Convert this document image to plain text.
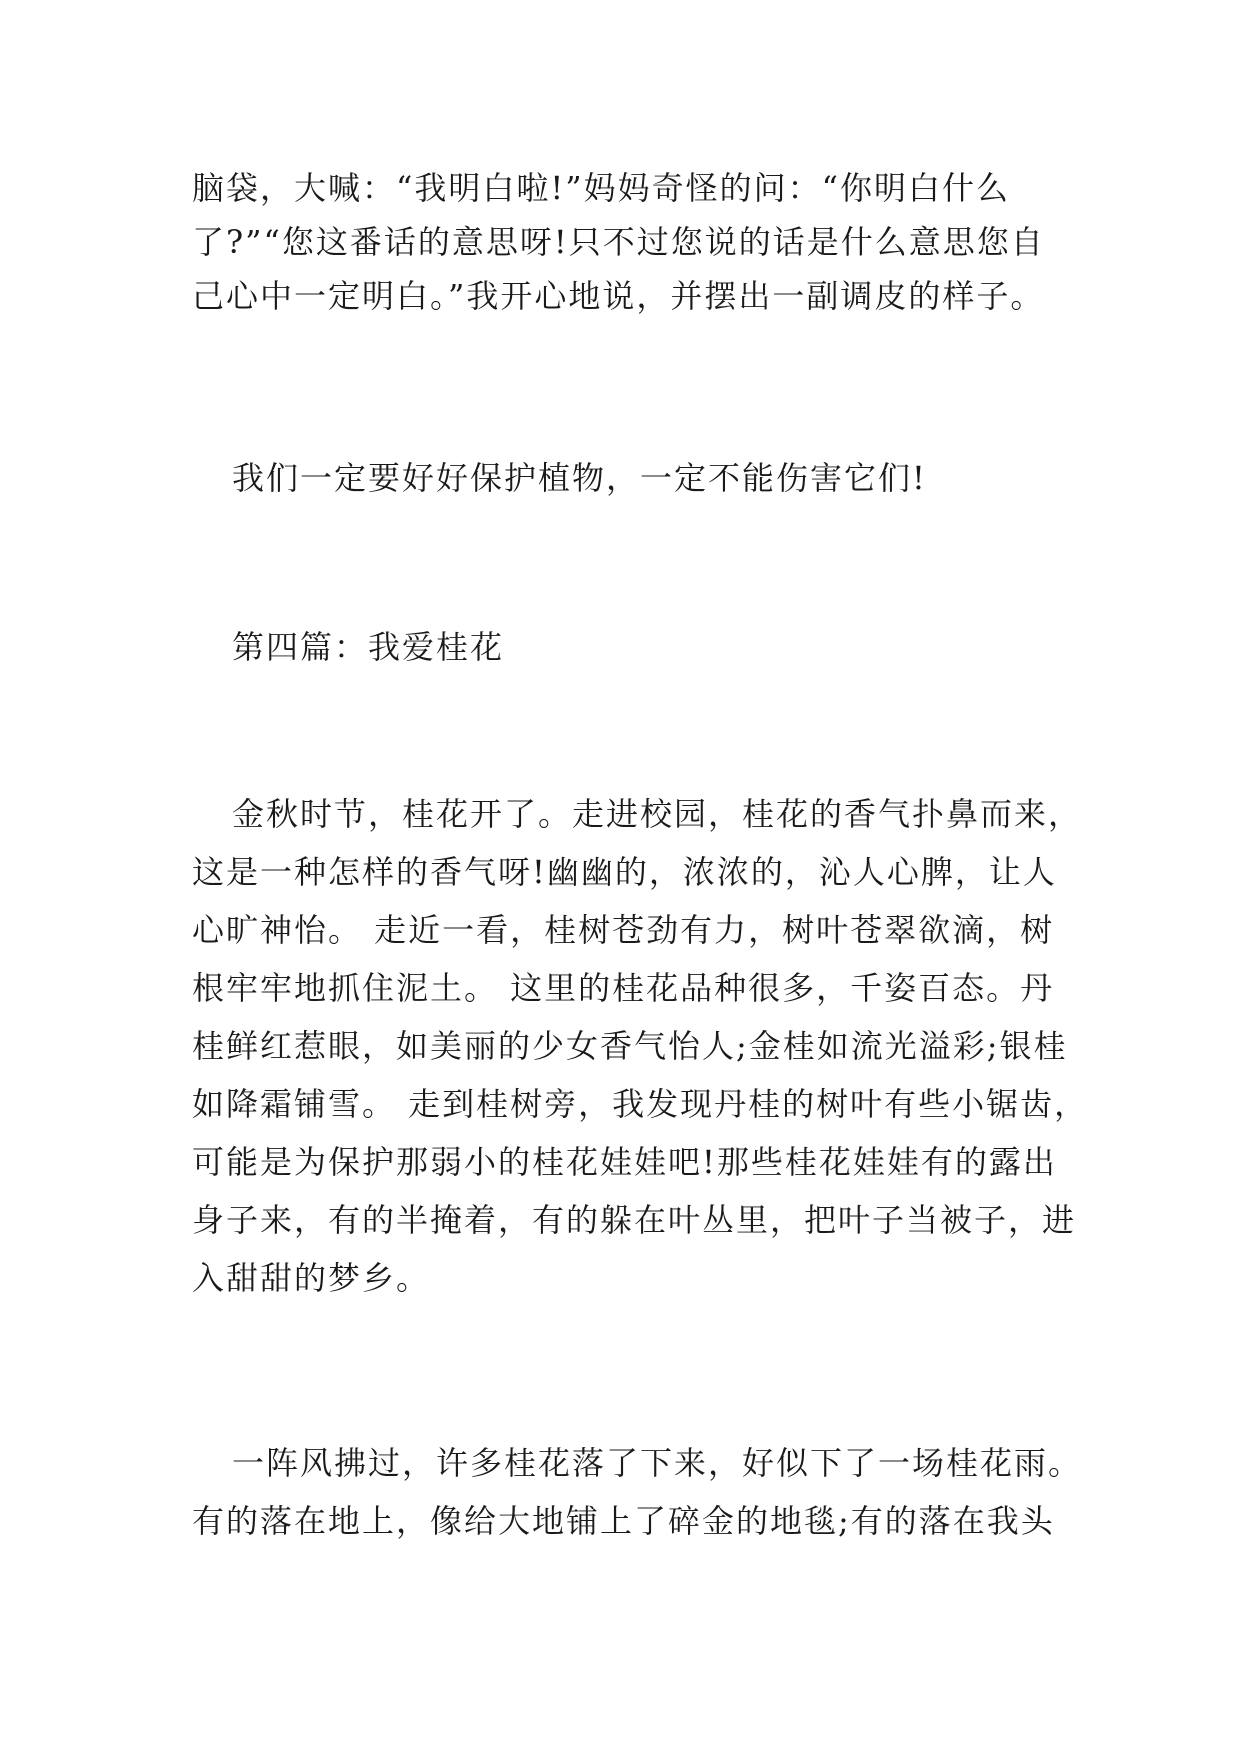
脑袋，大喊：“我明白啦!”妈妈奇怪的问：“你明白什么
了?”“您这番话的意思呀!只不过您说的话是什么意思您自
己心中一定明白。”我开心地说，并摆出一副调皮的样子。
我们一定要好好保护植物，一定不能伤害它们!
第四篇：我爱桂花
金秋时节，桂花开了。走进校园，桂花的香气扑鼻而来，
这是一种怎样的香气呀!幽幽的，浓浓的，沁人心脾，让人
心旷神怡。 走近一看，桂树苍劲有力，树叶苍翠欲滴，树
根牢牢地抓住泥土。 这里的桂花品种很多，千姿百态。丹
桂鲜红惹眼，如美丽的少女香气怡人;金桂如流光溢彩;银桂
如降霜铺雪。 走到桂树旁，我发现丹桂的树叶有些小锯齿，
可能是为保护那弱小的桂花娃娃吧!那些桂花娃娃有的露出
身子来，有的半掩着，有的躲在叶丛里，把叶子当被子，进
入甜甜的梦乡。
一阵风拂过，许多桂花落了下来，好似下了一场桂花雨。
有的落在地上，像给大地铺上了碎金的地毯;有的落在我头
